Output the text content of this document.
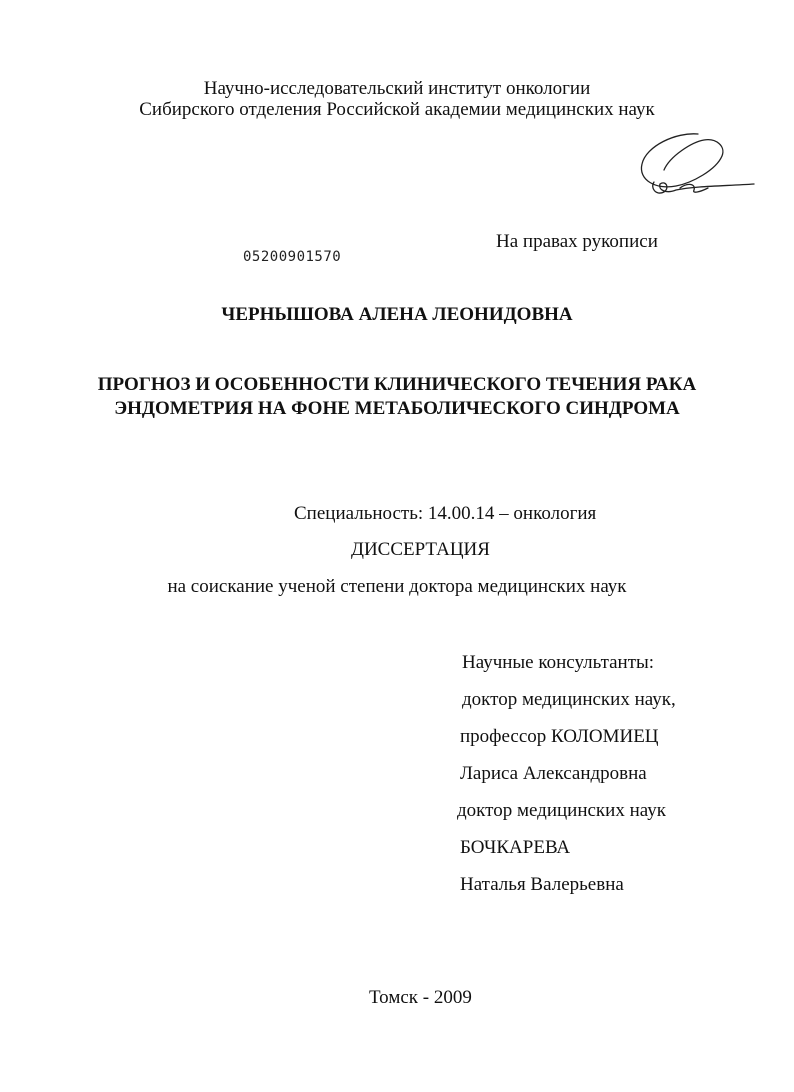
Научно-исследовательский институт онкологии
Сибирского отделения Российской академии медицинских наук
На правах рукописи
05200901570
ЧЕРНЫШОВА АЛЕНА ЛЕОНИДОВНА
ПРОГНОЗ И ОСОБЕННОСТИ КЛИНИЧЕСКОГО ТЕЧЕНИЯ РАКА
ЭНДОМЕТРИЯ НА ФОНЕ МЕТАБОЛИЧЕСКОГО СИНДРОМА
Специальность: 14.00.14 – онкология
ДИССЕРТАЦИЯ
на соискание ученой степени доктора медицинских наук
Научные консультанты:
доктор медицинских наук,
профессор КОЛОМИЕЦ
Лариса Александровна
доктор медицинских наук
БОЧКАРЕВА
Наталья Валерьевна
Томск - 2009
